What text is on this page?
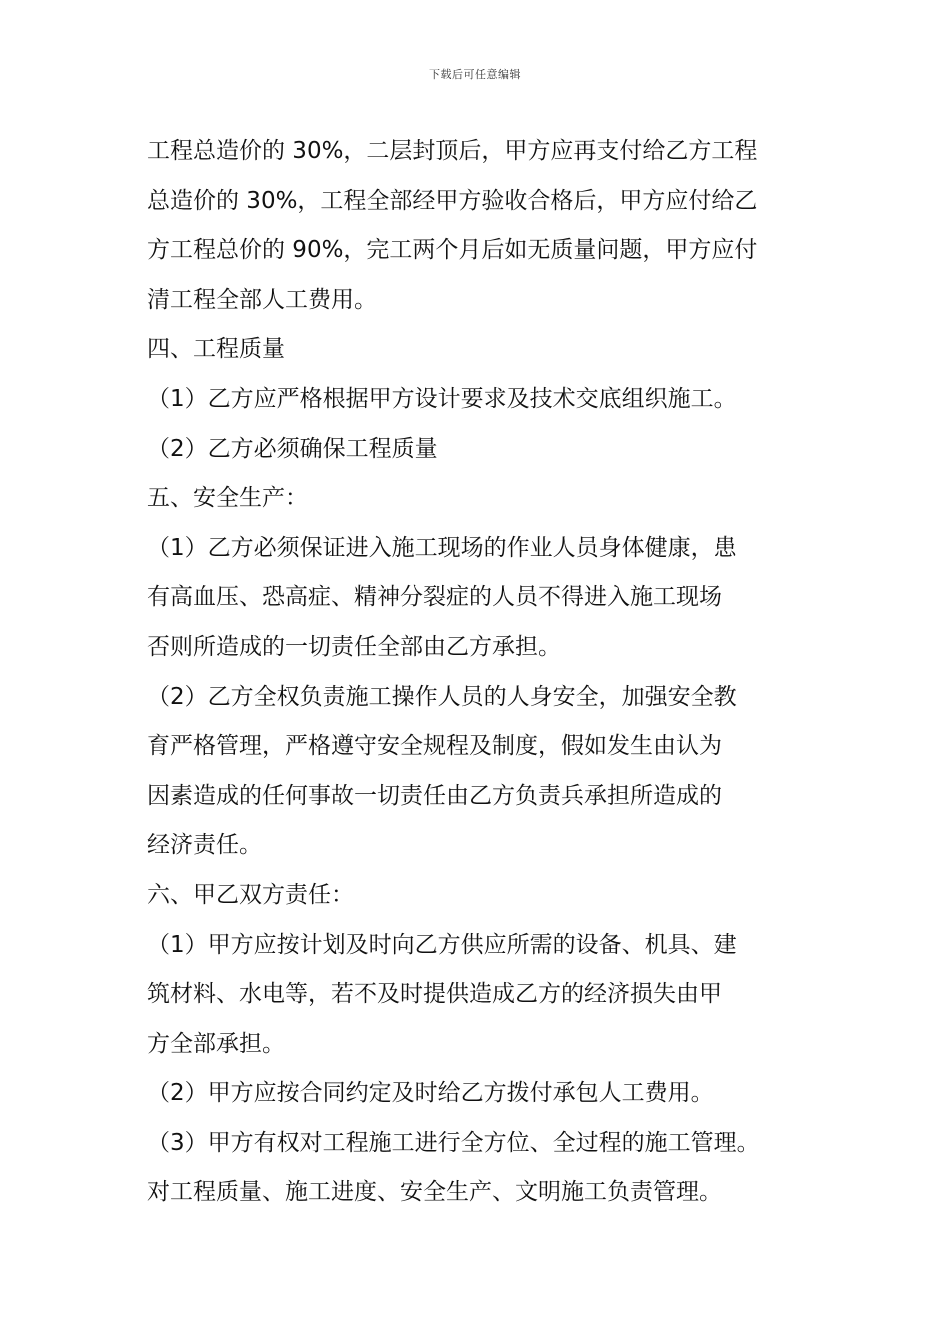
下载后可任意编辑
工程总造价的 30%，二层封顶后，甲方应再支付给乙方工程
总造价的 30%，工程全部经甲方验收合格后，甲方应付给乙
方工程总价的 90%，完工两个月后如无质量问题，甲方应付
清工程全部人工费用。
四、工程质量
（1）乙方应严格根据甲方设计要求及技术交底组织施工。
（2）乙方必须确保工程质量
五、安全生产：
（1）乙方必须保证进入施工现场的作业人员身体健康，患
有高血压、恐高症、精神分裂症的人员不得进入施工现场
否则所造成的一切责任全部由乙方承担。
（2）乙方全权负责施工操作人员的人身安全，加强安全教
育严格管理，严格遵守安全规程及制度，假如发生由认为
因素造成的任何事故一切责任由乙方负责兵承担所造成的
经济责任。
六、甲乙双方责任：
（1）甲方应按计划及时向乙方供应所需的设备、机具、建
筑材料、水电等，若不及时提供造成乙方的经济损失由甲
方全部承担。
（2）甲方应按合同约定及时给乙方拨付承包人工费用。
（3）甲方有权对工程施工进行全方位、全过程的施工管理。
对工程质量、施工进度、安全生产、文明施工负责管理。
